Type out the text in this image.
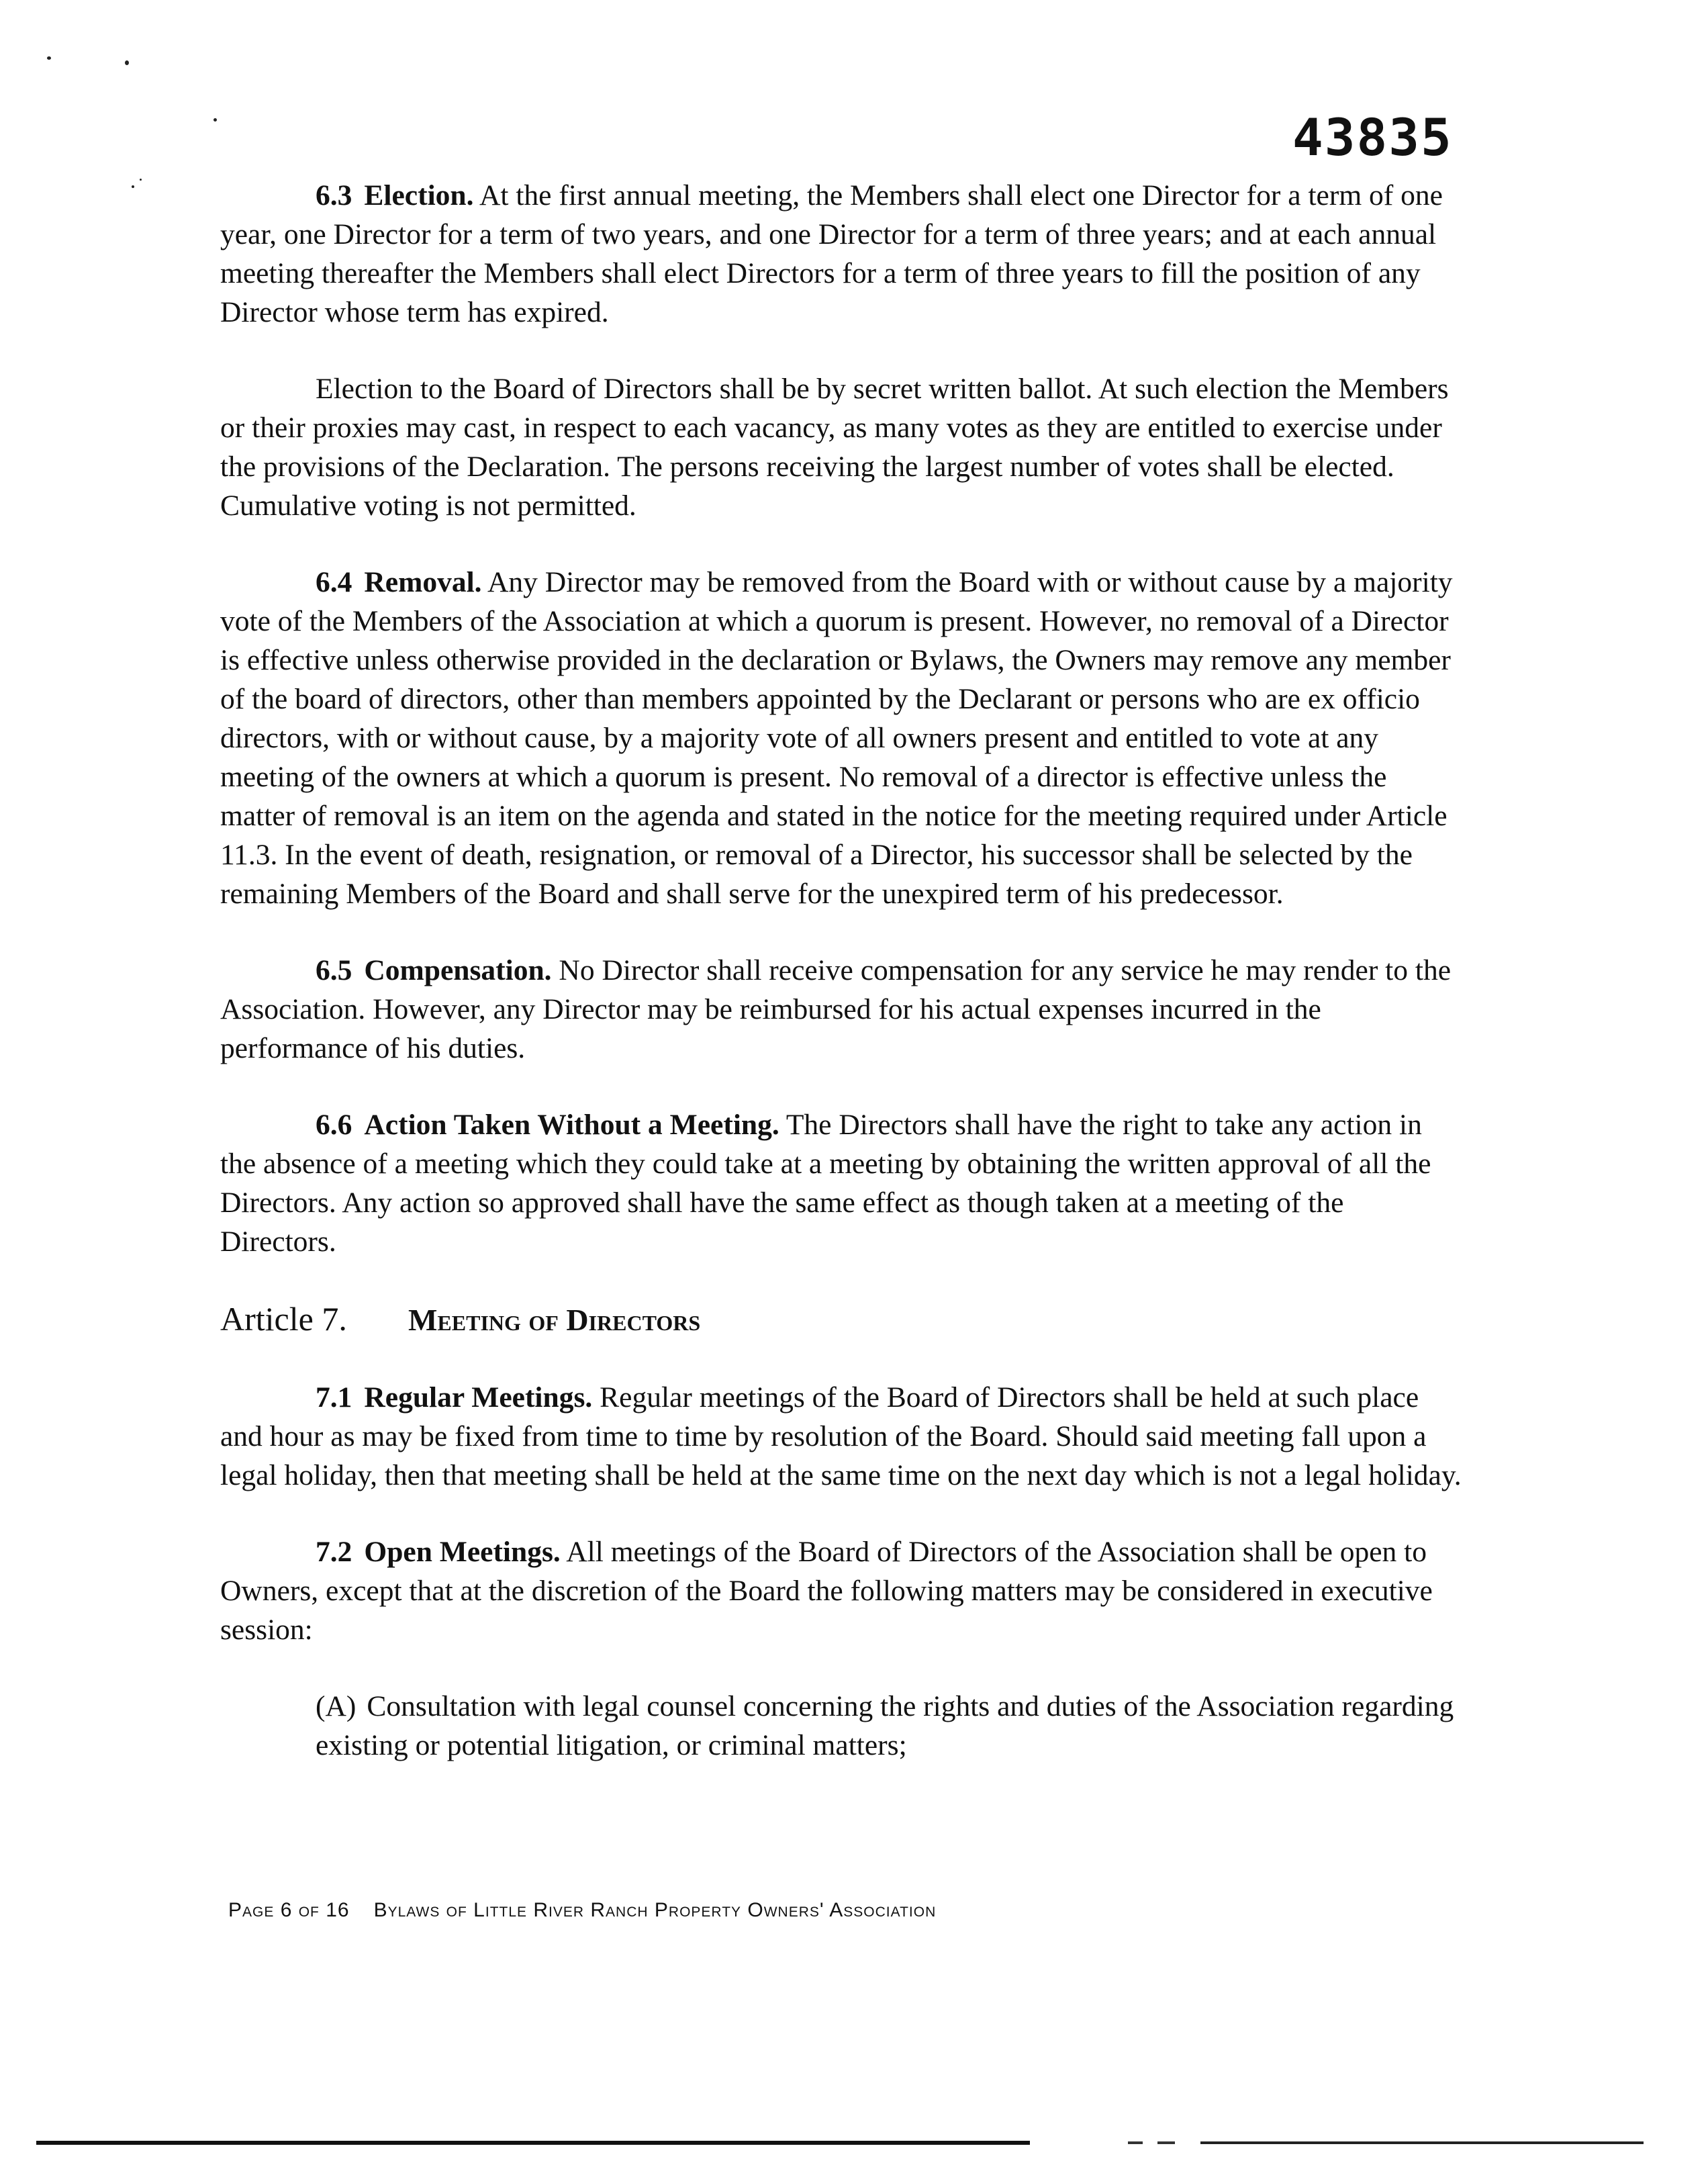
43835

6.3 Election. At the first annual meeting, the Members shall elect one Director for a term of one year, one Director for a term of two years, and one Director for a term of three years; and at each annual meeting thereafter the Members shall elect Directors for a term of three years to fill the position of any Director whose term has expired.

Election to the Board of Directors shall be by secret written ballot. At such election the Members or their proxies may cast, in respect to each vacancy, as many votes as they are entitled to exercise under the provisions of the Declaration. The persons receiving the largest number of votes shall be elected. Cumulative voting is not permitted.

6.4 Removal. Any Director may be removed from the Board with or without cause by a majority vote of the Members of the Association at which a quorum is present. However, no removal of a Director is effective unless otherwise provided in the declaration or Bylaws, the Owners may remove any member of the board of directors, other than members appointed by the Declarant or persons who are ex officio directors, with or without cause, by a majority vote of all owners present and entitled to vote at any meeting of the owners at which a quorum is present. No removal of a director is effective unless the matter of removal is an item on the agenda and stated in the notice for the meeting required under Article 11.3. In the event of death, resignation, or removal of a Director, his successor shall be selected by the remaining Members of the Board and shall serve for the unexpired term of his predecessor.

6.5 Compensation. No Director shall receive compensation for any service he may render to the Association. However, any Director may be reimbursed for his actual expenses incurred in the performance of his duties.

6.6 Action Taken Without a Meeting. The Directors shall have the right to take any action in the absence of a meeting which they could take at a meeting by obtaining the written approval of all the Directors. Any action so approved shall have the same effect as though taken at a meeting of the Directors.

Article 7. Meeting of Directors

7.1 Regular Meetings. Regular meetings of the Board of Directors shall be held at such place and hour as may be fixed from time to time by resolution of the Board. Should said meeting fall upon a legal holiday, then that meeting shall be held at the same time on the next day which is not a legal holiday.

7.2 Open Meetings. All meetings of the Board of Directors of the Association shall be open to Owners, except that at the discretion of the Board the following matters may be considered in executive session:

(A) Consultation with legal counsel concerning the rights and duties of the Association regarding existing or potential litigation, or criminal matters;

Page 6 of 16 Bylaws of Little River Ranch Property Owners' Association
